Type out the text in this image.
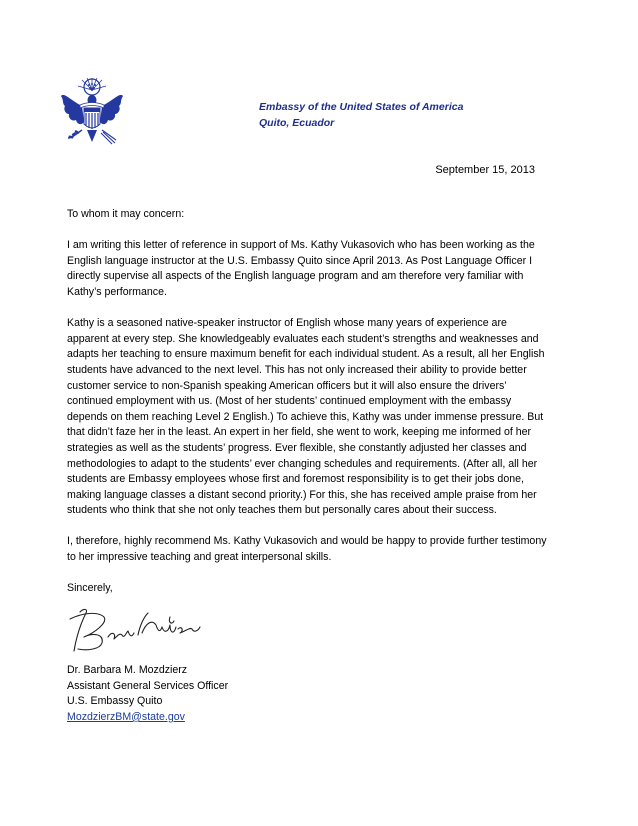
Embassy of the United States of America
Quito, Ecuador
September 15, 2013

To whom it may concern:

I am writing this letter of reference in support of Ms. Kathy Vukasovich who has been working as the English language instructor at the U.S. Embassy Quito since April 2013. As Post Language Officer I directly supervise all aspects of the English language program and am therefore very familiar with Kathy’s performance.

Kathy is a seasoned native-speaker instructor of English whose many years of experience are apparent at every step. She knowledgeably evaluates each student’s strengths and weaknesses and adapts her teaching to ensure maximum benefit for each individual student. As a result, all her English students have advanced to the next level. This has not only increased their ability to provide better customer service to non-Spanish speaking American officers but it will also ensure the drivers’ continued employment with us. (Most of her students’ continued employment with the embassy depends on them reaching Level 2 English.) To achieve this, Kathy was under immense pressure. But that didn’t faze her in the least. An expert in her field, she went to work, keeping me informed of her strategies as well as the students’ progress. Ever flexible, she constantly adjusted her classes and methodologies to adapt to the students’ ever changing schedules and requirements. (After all, all her students are Embassy employees whose first and foremost responsibility is to get their jobs done, making language classes a distant second priority.) For this, she has received ample praise from her students who think that she not only teaches them but personally cares about their success.

I, therefore, highly recommend Ms. Kathy Vukasovich and would be happy to provide further testimony to her impressive teaching and great interpersonal skills.

Sincerely,

Dr. Barbara M. Mozdzierz
Assistant General Services Officer
U.S. Embassy Quito
MozdzierzBM@state.gov
